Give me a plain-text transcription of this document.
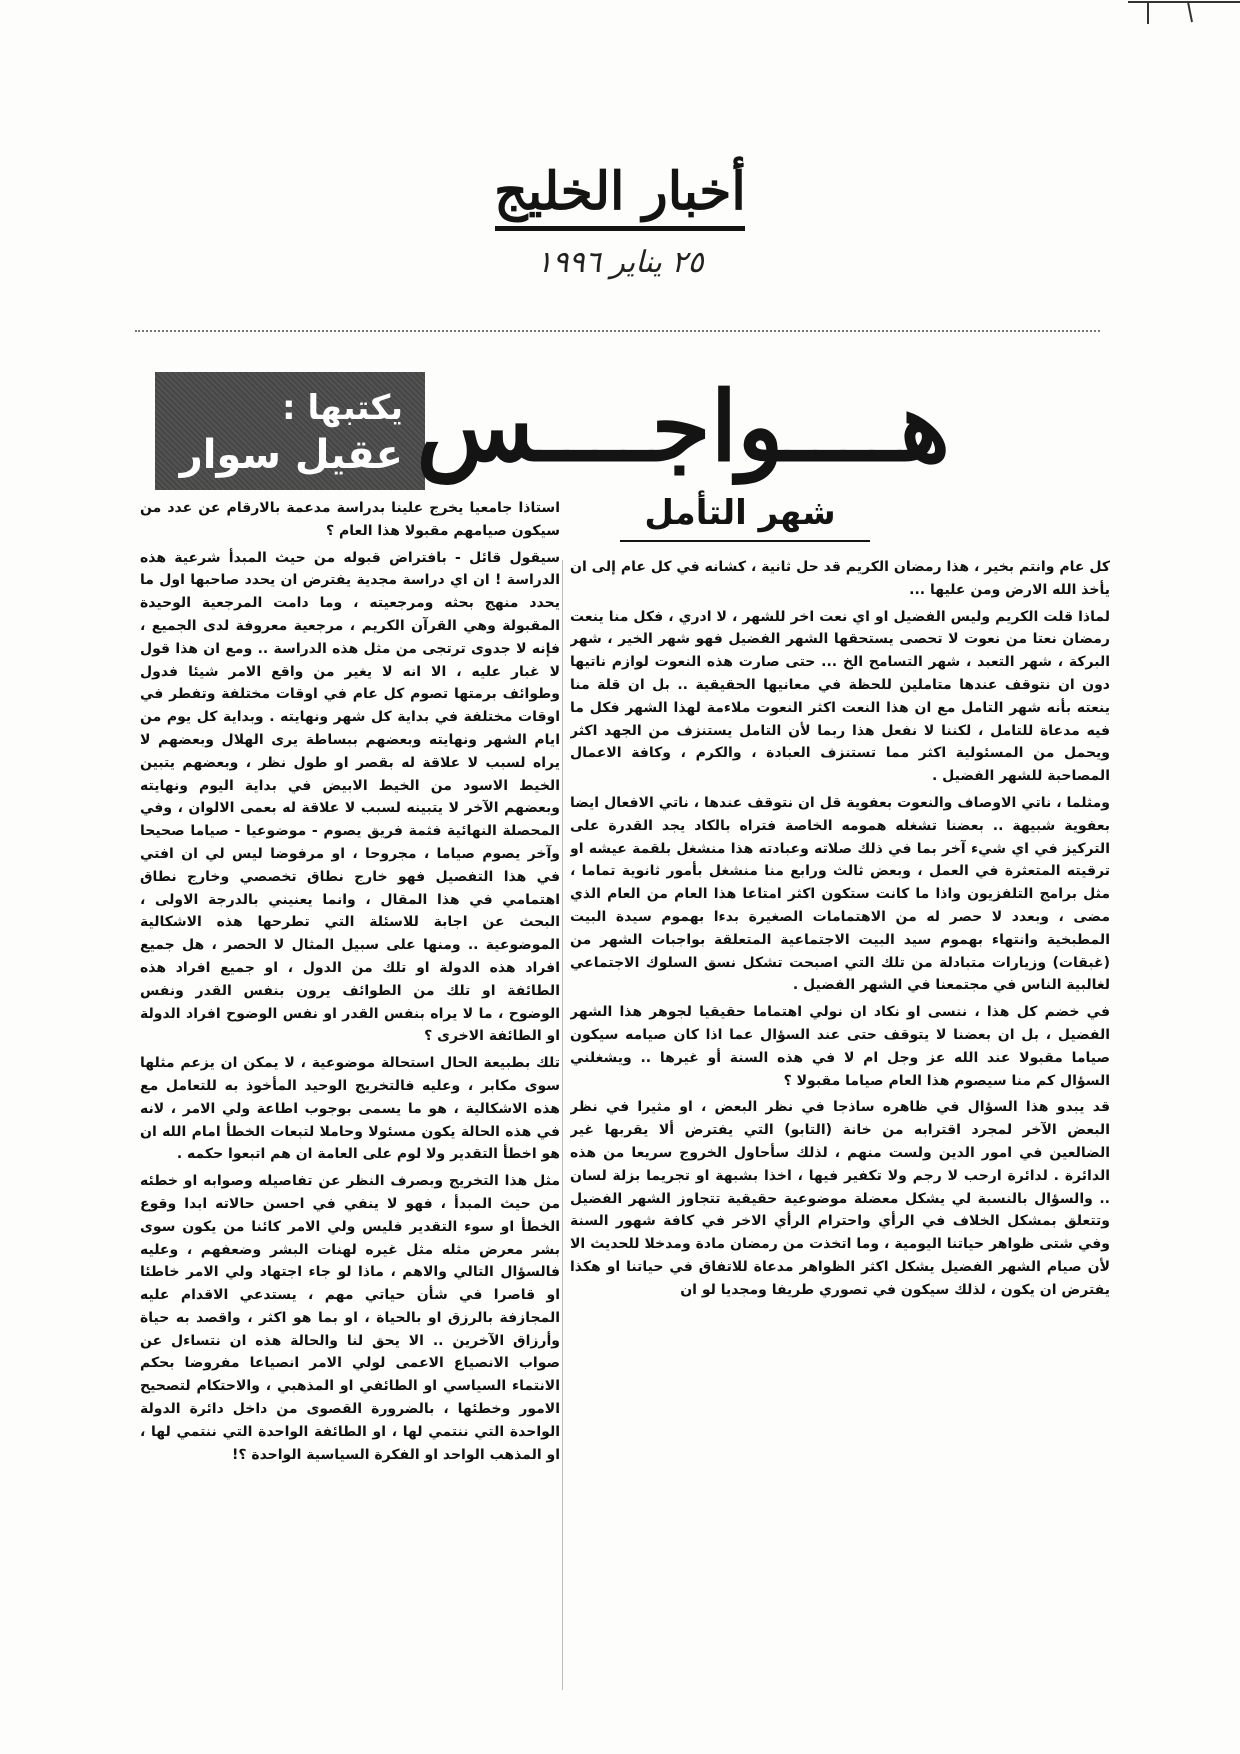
أخبار الخليج
٢٥ يناير ١٩٩٦
يكتبها :
عقيل سوار هــــواجــــس
شهر التأمل

كل عام وانتم بخير ، هذا رمضان الكريم قد حل ثانية ، كشانه في كل عام إلى ان يأخذ الله الارض ومن عليها ...

لماذا قلت الكريم وليس الفضيل او اي نعت اخر للشهر ، لا ادري ، فكل منا ينعت رمضان نعتا من نعوت لا تحصى يستحقها الشهر الفضيل فهو شهر الخير ، شهر البركة ، شهر التعبد ، شهر التسامح الخ ... حتى صارت هذه النعوت لوازم ناتيها دون ان نتوقف عندها متاملين للحظة في معانيها الحقيقية .. بل ان قلة منا ينعته بأنه شهر التامل مع ان هذا النعت اكثر النعوت ملاءمة لهذا الشهر فكل ما فيه مدعاة للتامل ، لكننا لا نفعل هذا ربما لأن التامل يستنزف من الجهد اكثر ويحمل من المسئولية اكثر مما تستنزف العبادة ، والكرم ، وكافة الاعمال المصاحبة للشهر الفضيل .

ومثلما ، ناتي الاوصاف والنعوت بعفوية قل ان نتوقف عندها ، ناتي الافعال ايضا بعفوية شبيهة .. بعضنا تشغله همومه الخاصة فتراه بالكاد يجد القدرة على التركيز في اي شيء آخر بما في ذلك صلاته وعبادته هذا منشغل بلقمة عيشه او ترقيته المتعثرة في العمل ، وبعض ثالث ورابع منا منشغل بأمور ثانوية تماما ، مثل برامج التلفزيون واذا ما كانت ستكون اكثر امتاعا هذا العام من العام الذي مضى ، وبعدد لا حصر له من الاهتمامات الصغيرة بدءا بهموم سيدة البيت المطبخية وانتهاء بهموم سيد البيت الاجتماعية المتعلقة بواجبات الشهر من (غبقات) وزيارات متبادلة من تلك التي اصبحت تشكل نسق السلوك الاجتماعي لغالبية الناس في مجتمعنا في الشهر الفضيل .

في خضم كل هذا ، ننسى او نكاد ان نولي اهتماما حقيقيا لجوهر هذا الشهر الفضيل ، بل ان بعضنا لا يتوقف حتى عند السؤال عما اذا كان صيامه سيكون صياما مقبولا عند الله عز وجل ام لا في هذه السنة أو غيرها .. ويشغلني السؤال كم منا سيصوم هذا العام صياما مقبولا ؟

قد يبدو هذا السؤال في ظاهره ساذجا في نظر البعض ، او مثيرا في نظر البعض الآخر لمجرد اقترابه من خانة (التابو) التي يفترض ألا يقربها غير الضالعين في امور الدين ولست منهم ، لذلك سأحاول الخروج سريعا من هذه الدائرة . لدائرة ارحب لا رجم ولا تكفير فيها ، اخذا بشبهة او تجريما بزلة لسان .. والسؤال بالنسبة لي يشكل معضلة موضوعية حقيقية تتجاوز الشهر الفضيل وتتعلق بمشكل الخلاف في الرأي واحترام الرأي الاخر في كافة شهور السنة وفي شتى ظواهر حياتنا اليومية ، وما اتخذت من رمضان مادة ومدخلا للحديث الا لأن صيام الشهر الفضيل يشكل اكثر الظواهر مدعاة للاتفاق في حياتنا او هكذا يفترض ان يكون ، لذلك سيكون في تصوري طريفا ومجديا لو ان

استاذا جامعيا يخرج علينا بدراسة مدعمة بالارقام عن عدد من سيكون صيامهم مقبولا هذا العام ؟

سيقول قائل - بافتراض قبوله من حيث المبدأ شرعية هذه الدراسة ! ان اي دراسة مجدية يفترض ان يحدد صاحبها اول ما يحدد منهج بحثه ومرجعيته ، وما دامت المرجعية الوحيدة المقبولة وهي القرآن الكريم ، مرجعية معروفة لدى الجميع ، فإنه لا جدوى ترتجى من مثل هذه الدراسة .. ومع ان هذا قول لا غبار عليه ، الا انه لا يغير من واقع الامر شيئا فدول وطوائف برمتها تصوم كل عام في اوقات مختلفة وتفطر في اوقات مختلفة في بداية كل شهر ونهايته . وبداية كل يوم من ايام الشهر ونهايته وبعضهم ببساطة يرى الهلال وبعضهم لا يراه لسبب لا علاقة له بقصر او طول نظر ، وبعضهم يتبين الخيط الاسود من الخيط الابيض في بداية اليوم ونهايته وبعضهم الآخر لا يتبينه لسبب لا علاقة له بعمى الالوان ، وفي المحصلة النهائية فثمة فريق يصوم - موضوعيا - صياما صحيحا وآخر يصوم صياما ، مجروحا ، او مرفوضا ليس لي ان افتي في هذا التفصيل فهو خارج نطاق تخصصي وخارج نطاق اهتمامي في هذا المقال ، وانما يعنيني بالدرجة الاولى ، البحث عن اجابة للاسئلة التي تطرحها هذه الاشكالية الموضوعية .. ومنها على سبيل المثال لا الحصر ، هل جميع افراد هذه الدولة او تلك من الدول ، او جميع افراد هذه الطائفة او تلك من الطوائف يرون بنفس القدر ونفس الوضوح ، ما لا يراه بنفس القدر او نفس الوضوح افراد الدولة او الطائفة الاخرى ؟

تلك بطبيعة الحال استحالة موضوعية ، لا يمكن ان يزعم مثلها سوى مكابر ، وعليه فالتخريج الوحيد المأخوذ به للتعامل مع هذه الاشكالية ، هو ما يسمى بوجوب اطاعة ولي الامر ، لانه في هذه الحالة يكون مسئولا وحاملا لتبعات الخطأ امام الله ان هو اخطأ التقدير ولا لوم على العامة ان هم اتبعوا حكمه .

مثل هذا التخريج وبصرف النظر عن تفاصيله وصوابه او خطئه من حيث المبدأ ، فهو لا ينفي في احسن حالاته ابدا وقوع الخطأ او سوء التقدير فليس ولي الامر كائنا من يكون سوى بشر معرض مثله مثل غيره لهنات البشر وضعفهم ، وعليه فالسؤال التالي والاهم ، ماذا لو جاء اجتهاد ولي الامر خاطئا او قاصرا في شأن حياتي مهم ، يستدعي الاقدام عليه المجازفة بالرزق او بالحياة ، او بما هو اكثر ، واقصد به حياة وأرزاق الآخرين .. الا يحق لنا والحالة هذه ان نتساءل عن صواب الانصياع الاعمى لولي الامر انصياعا مفروضا بحكم الانتماء السياسي او الطائفي او المذهبي ، والاحتكام لتصحيح الامور وخطئها ، بالضرورة القصوى من داخل دائرة الدولة الواحدة التي ننتمي لها ، او الطائفة الواحدة التي ننتمي لها ، او المذهب الواحد او الفكرة السياسية الواحدة ؟!
